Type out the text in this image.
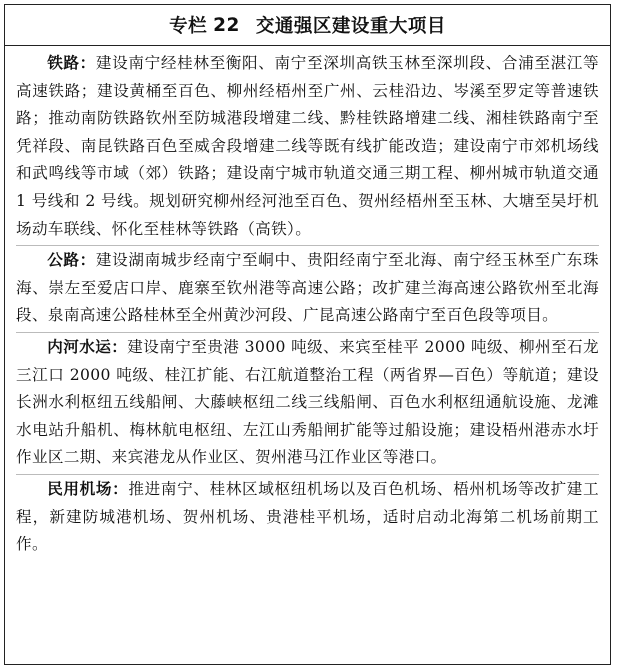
专栏 22 交通强区建设重大项目

铁路：建设南宁经桂林至衡阳、南宁至深圳高铁玉林至深圳段、合浦至湛江等高速铁路；建设黄桶至百色、柳州经梧州至广州、云桂沿边、岑溪至罗定等普速铁路；推动南防铁路钦州至防城港段增建二线、黔桂铁路增建二线、湘桂铁路南宁至凭祥段、南昆铁路百色至威舍段增建二线等既有线扩能改造；建设南宁市郊机场线和武鸣线等市域（郊）铁路；建设南宁城市轨道交通三期工程、柳州城市轨道交通 1 号线和 2 号线。规划研究柳州经河池至百色、贺州经梧州至玉林、大塘至吴圩机场动车联线、怀化至桂林等铁路（高铁）。

公路：建设湖南城步经南宁至峒中、贵阳经南宁至北海、南宁经玉林至广东珠海、崇左至爱店口岸、鹿寨至钦州港等高速公路；改扩建兰海高速公路钦州至北海段、泉南高速公路桂林至全州黄沙河段、广昆高速公路南宁至百色段等项目。

内河水运：建设南宁至贵港 3000 吨级、来宾至桂平 2000 吨级、柳州至石龙三江口 2000 吨级、桂江扩能、右江航道整治工程（两省界—百色）等航道；建设长洲水利枢纽五线船闸、大藤峡枢纽二线三线船闸、百色水利枢纽通航设施、龙滩水电站升船机、梅林航电枢纽、左江山秀船闸扩能等过船设施；建设梧州港赤水圩作业区二期、来宾港龙从作业区、贺州港马江作业区等港口。

民用机场：推进南宁、桂林区域枢纽机场以及百色机场、梧州机场等改扩建工程，新建防城港机场、贺州机场、贵港桂平机场，适时启动北海第二机场前期工作。
